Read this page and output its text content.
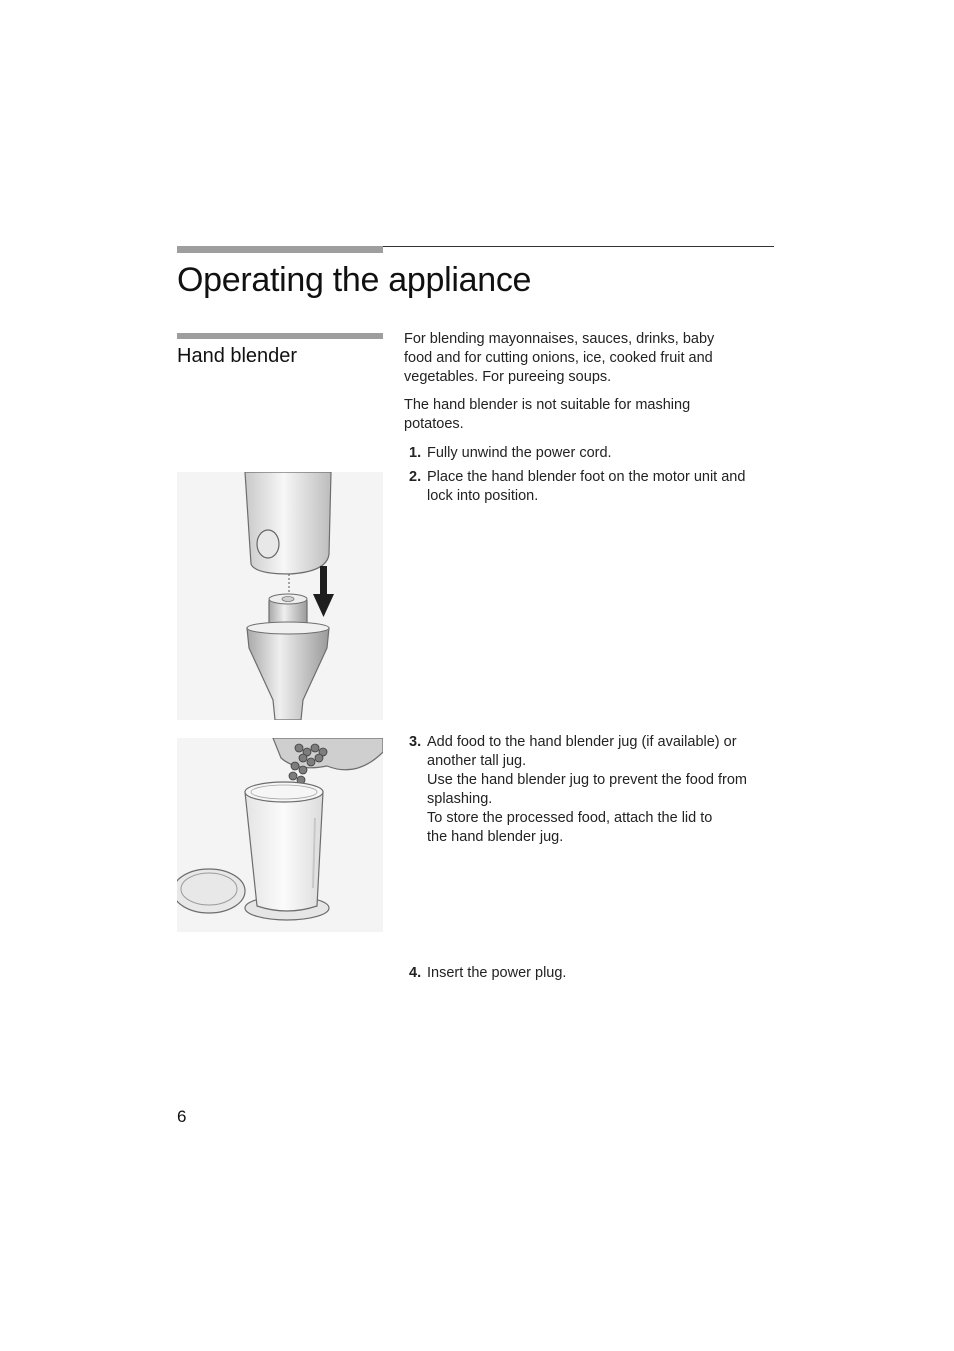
Operating the appliance
Hand blender
For blending mayonnaises, sauces, drinks, baby
food and for cutting onions, ice, cooked fruit and
vegetables. For pureeing soups.
The hand blender is not suitable for mashing
potatoes.
1. Fully unwind the power cord.
2. Place the hand blender foot on the motor unit and
lock into position.
3. Add food to the hand blender jug (if available) or
another tall jug.
Use the hand blender jug to prevent the food from
splashing.
To store the processed food, attach the lid to
the hand blender jug.
4. Insert the power plug.
6
